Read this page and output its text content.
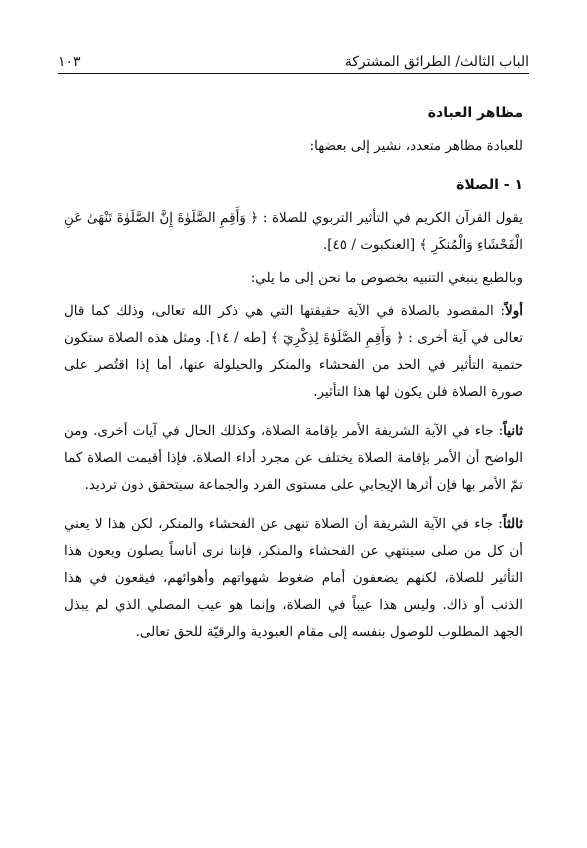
الباب الثالث/ الطرائق المشتركة
١٠٣

مظاهر العبادة

للعبادة مظاهر متعدد، نشير إلى بعضها:

١ - الصلاة

يقول القرآن الكريم في التأثير التربوي للصلاة : ﴿ وَأَقِمِ الصَّلَوٰةَ إِنَّ الصَّلَوٰةَ تَنْهَىٰ عَنِ الْفَحْشَاءِ وَالْمُنكَرِ ﴾ [العنكبوت / ٤٥].

وبالطبع ينبغي التنبيه بخصوص ما نحن إلى ما يلي:

أولاً: المقصود بالصلاة في الآية حقيقتها التي هي ذكر الله تعالى، وذلك كما قال تعالى في آية أخرى : ﴿ وَأَقِمِ الصَّلَوٰةَ لِذِكْرِيٓ ﴾ [طه / ١٤]. ومثل هذه الصلاة ستكون حتمية التأثير في الحد من الفحشاء والمنكر والحيلولة عنها، أما إذا اقتُصر على صورة الصلاة فلن يكون لها هذا التأثير.

ثانياً: جاء في الآية الشريفة الأمر بإقامة الصلاة، وكذلك الحال في آيات أخرى. ومن الواضح أن الأمر بإقامة الصلاة يختلف عن مجرد أداء الصلاة. فإذا أقيمت الصلاة كما تمّ الأمر بها فإن أثرها الإيجابي على مستوى الفرد والجماعة سيتحقق دون ترديد.

ثالثاً: جاء في الآية الشريفة أن الصلاة تنهى عن الفحشاء والمنكر، لكن هذا لا يعني أن كل من صلى سينتهي عن الفحشاء والمنكر، فإننا نرى أناساً يصلون ويعون هذا التأثير للصلاة، لكنهم يضعفون أمام ضغوط شهواتهم وأهوائهم، فيقعون في هذا الذنب أو ذاك. وليس هذا عيباً في الصلاة، وإنما هو عيب المصلي الذي لم يبذل الجهد المطلوب للوصول بنفسه إلى مقام العبودية والرقيّة للحق تعالى.
